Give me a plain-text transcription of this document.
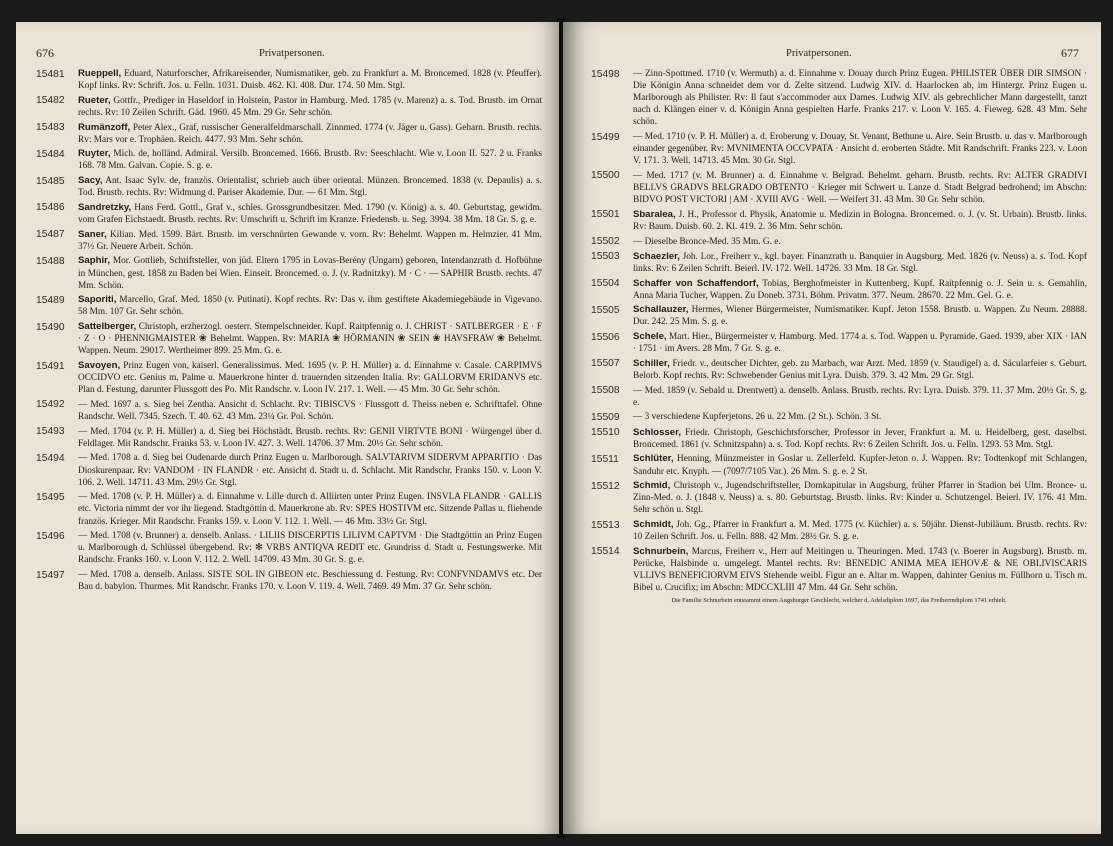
676	Privatpersonen.
15481	Rueppell, Eduard, Naturforscher, Afrikareisender, Numismatiker, geb. zu Frankfurt a. M. Broncemed. 1828 (v. Pfeuffer). Kopf links. Rv: Schrift. Jos. u. Felln. 1031. Duisb. 462. Kl. 408. Dur. 174. 50 Mm. Stgl.
15482	Rueter, Gottfr., Prediger in Haseldorf in Holstein, Pastor in Hamburg. Med. 1785 (v. Marenz) a. s. Tod. Brustb. im Ornat rechts. Rv: 10 Zeilen Schrift. Gäd. 1960. 45 Mm. 29 Gr. Sehr schön.
15483	Rumänzoff, Peter Alex., Graf, russischer Generalfeldmarschall. Zinnmed. 1774 (v. Jäger u. Gass). Geharn. Brustb. rechts. Rv: Mars vor e. Trophäen. Reich. 4477. 93 Mm. Sehr schön.
15484	Ruyter, Mich. de, holländ. Admiral. Versilb. Broncemed. 1666. Brustb. Rv: Seeschlacht. Wie v. Loon II. 527. 2 u. Franks 168. 78 Mm. Galvan. Copie. S. g. e.
15485	Sacy, Ant. Isaac Sylv. de, französ. Orientalist, schrieb auch über oriental. Münzen. Broncemed. 1838 (v. Depaulis) a. s. Tod. Brustb. rechts. Rv: Widmung d. Pariser Akademie. Dur. — 61 Mm. Stgl.
15486	Sandretzky, Hans Ferd. Gottl., Graf v., schles. Grossgrundbesitzer. Med. 1790 (v. König) a. s. 40. Geburtstag, gewidm. vom Grafen Eichstaedt. Brustb. rechts. Rv: Umschrift u. Schrift im Kranze. Friedensb. u. Seg. 3994. 38 Mm. 18 Gr. S. g. e.
15487	Saner, Kilian. Med. 1599. Bärt. Brustb. im verschnürten Gewande v. vorn. Rv: Behelmt. Wappen m. Helmzier. 41 Mm. 37½ Gr. Neuere Arbeit. Schön.
15488	Saphir, Mor. Gottlieb, Schriftsteller, von jüd. Eltern 1795 in Lovas-Berény (Ungarn) geboren, Intendanzrath d. Hofbühne in München, gest. 1858 zu Baden bei Wien. Einseit. Broncemed. o. J. (v. Radnitzky). M · C · — SAPHIR Brustb. rechts. 47 Mm. Schön.
15489	Saporiti, Marcello, Graf. Med. 1850 (v. Putinati). Kopf rechts. Rv: Das v. ihm gestiftete Akademiegebäude in Vigevano. 58 Mm. 107 Gr. Sehr schön.
15490	Sattelberger, Christoph, erzherzogl. oesterr. Stempelschneider. Kupf. Raitpfennig o. J. CHRIST · SATLBERGER · E · F · Z · O · PHENNIGMAISTER ❀ Behelmt. Wappen. Rv: MARIA ❀ HÖRMANIN ❀ SEIN ❀ HAVSFRAW ❀ Behelmt. Wappen. Neum. 29017. Wertheimer 899. 25 Mm. G. e.
15491	Savoyen, Prinz Eugen von, kaiserl. Generalissimus. Med. 1695 (v. P. H. Müller) a. d. Einnahme v. Casale. CARPIMVS OCCIDVO etc. Genius m. Palme u. Mauerkrone hinter d. trauernden sitzenden Italia. Rv: GALLORVM ERIDANVS etc. Plan d. Festung, darunter Flussgott des Po. Mit Randschr. v. Loon IV. 217. 1. Well. — 45 Mm. 30 Gr. Sehr schön.
15492	— Med. 1697 a. s. Sieg bei Zentha. Ansicht d. Schlacht. Rv: TIBISCVS · Flussgott d. Theiss neben e. Schrifttafel. Ohne Randschr. Well. 7345. Szech. T. 40. 62. 43 Mm. 23¼ Gr. Pol. Schön.
15493	— Med. 1704 (v. P. H. Müller) a. d. Sieg bei Höchstädt. Brustb. rechts. Rv: GENII VIRTVTE BONI · Würgengel über d. Feldlager. Mit Randschr. Franks 53. v. Loon IV. 427. 3. Well. 14706. 37 Mm. 20½ Gr. Sehr schön.
15494	— Med. 1708 a. d. Sieg bei Oudenarde durch Prinz Eugen u. Marlborough. SALVTARIVM SIDERVM APPARITIO · Das Dioskurenpaar. Rv: VANDOM · IN FLANDR · etc. Ansicht d. Stadt u. d. Schlacht. Mit Randschr. Franks 150. v. Loon V. 106. 2. Well. 14711. 43 Mm. 29½ Gr. Stgl.
15495	— Med. 1708 (v. P. H. Müller) a. d. Einnahme v. Lille durch d. Alliirten unter Prinz Eugen. INSVLA FLANDR · GALLIS etc. Victoria nimmt der vor ihr liegend. Stadtgöttin d. Mauerkrone ab. Rv: SPES HOSTIVM etc. Sitzende Pallas u. fliehende französ. Krieger. Mit Randschr. Franks 159. v. Loon V. 112. 1. Well. — 46 Mm. 33½ Gr. Stgl.
15496	— Med. 1708 (v. Brunner) a. denselb. Anlass. · LILIIS DISCERPTIS LILIVM CAPTVM · Die Stadtgöttin an Prinz Eugen u. Marlborough d. Schlüssel übergebend. Rv: ✻ VRBS ANTIQVA REDIT etc. Grundriss d. Stadt u. Festungswerke. Mit Randschr. Franks 160. v. Loon V. 112. 2. Well. 14709. 43 Mm. 30 Gr. S. g. e.
15497	— Med. 1708 a. denselb. Anlass. SISTE SOL IN GIBEON etc. Beschiessung d. Festung. Rv: CONFVNDAMVS etc. Der Bau d. babylon. Thurmes. Mit Randschr. Franks 170. v. Loon V. 119. 4. Well. 7469. 49 Mm. 37 Gr. Sehr schön.
Privatpersonen.	677
15498	— Zinn-Spottmed. 1710 (v. Wermuth) a. d. Einnahme v. Douay durch Prinz Eugen. PHILISTER ÜBER DIR SIMSON · Die Königin Anna schneidet dem vor d. Zelte sitzend. Ludwig XIV. d. Haarlocken ab, im Hintergr. Prinz Eugen u. Marlborough als Philister. Rv: Il faut s'accommoder aux Dames. Ludwig XIV. als gebrechlicher Mann dargestellt, tanzt nach d. Klängen einer v. d. Königin Anna gespielten Harfe. Franks 217. v. Loon V. 165. 4. Fieweg. 628. 43 Mm. Sehr schön.
15499	— Med. 1710 (v. P. H. Müller) a. d. Eroberung v. Douay, St. Venant, Bethune u. Aire. Sein Brustb. u. das v. Marlborough einander gegenüber. Rv: MVNIMENTA OCCVPATA · Ansicht d. eroberten Städte. Mit Randschrift. Franks 223. v. Loon V. 171. 3. Well. 14713. 45 Mm. 30 Gr. Stgl.
15500	— Med. 1717 (v. M. Brunner) a. d. Einnahme v. Belgrad. Behelmt. geharn. Brustb. rechts. Rv: ALTER GRADIVI BELLVS GRADVS BELGRADO OBTENTO · Krieger mit Schwert u. Lanze d. Stadt Belgrad bedrohend; im Abschn: BIDVO POST VICTORI | AM · XVIII AVG · Well. — Weifert 31. 43 Mm. 30 Gr. Sehr schön.
15501	Sbaralea, J. H., Professor d. Physik, Anatomie u. Medizin in Bologna. Broncemed. o. J. (v. St. Urbain). Brustb. links. Rv: Baum. Duisb. 60. 2. Kl. 419. 2. 36 Mm. Sehr schön.
15502	— Dieselbe Bronce-Med. 35 Mm. G. e.
15503	Schaezler, Joh. Lor., Freiherr v., kgl. bayer. Finanzrath u. Banquier in Augsburg. Med. 1826 (v. Neuss) a. s. Tod. Kopf links. Rv: 6 Zeilen Schrift. Beierl. IV. 172. Well. 14726. 33 Mm. 18 Gr. Stgl.
15504	Schaffer von Schaffendorf, Tobias, Berghofmeister in Kuttenberg. Kupf. Raitpfennig o. J. Sein u. s. Gemahlin, Anna Maria Tucher, Wappen. Zu Doneb. 3731. Böhm. Privatm. 377. Neum. 28670. 22 Mm. Gel. G. e.
15505	Schallauzer, Hermes, Wiener Bürgermeister, Numismatiker. Kupf. Jeton 1558. Brustb. u. Wappen. Zu Neum. 28888. Dur. 242. 25 Mm. S. g. e.
15506	Schele, Mart. Hier., Bürgermeister v. Hamburg. Med. 1774 a. s. Tod. Wappen u. Pyramide. Gaed. 1939, aber XIX · IAN · 1751 · im Avers. 28 Mm. 7 Gr. S. g. e.
15507	Schiller, Friedr. v., deutscher Dichter, geb. zu Marbach, war Arzt. Med. 1859 (v. Staudigel) a. d. Säcularfeier s. Geburt. Belorb. Kopf rechts. Rv: Schwebender Genius mit Lyra. Duisb. 379. 3. 42 Mm. 29 Gr. Stgl.
15508	— Med. 1859 (v. Sebald u. Drentwett) a. denselb. Anlass. Brustb. rechts. Rv: Lyra. Duisb. 379. 11. 37 Mm. 20½ Gr. S. g. e.
15509	— 3 verschiedene Kupferjetons. 26 u. 22 Mm. (2 St.). Schön. 3 St.
15510	Schlosser, Friedr. Christoph, Geschichtsforscher, Professor in Jever, Frankfurt a. M. u. Heidelberg, gest. daselbst. Broncemed. 1861 (v. Schnitzspahn) a. s. Tod. Kopf rechts. Rv: 6 Zeilen Schrift. Jos. u. Felln. 1293. 53 Mm. Stgl.
15511	Schlüter, Henning, Münzmeister in Goslar u. Zellerfeld. Kupfer-Jeton o. J. Wappen. Rv: Todtenkopf mit Schlangen, Sanduhr etc. Knyph. — (7097/7105 Var.). 26 Mm. S. g. e. 2 St.
15512	Schmid, Christoph v., Jugendschriftsteller, Domkapitular in Augsburg, früher Pfarrer in Stadion bei Ulm. Bronce- u. Zinn-Med. o. J. (1848 v. Neuss) a. s. 80. Geburtstag. Brustb. links. Rv: Kinder u. Schutzengel. Beierl. IV. 176. 41 Mm. Sehr schön u. Stgl.
15513	Schmidt, Joh. Gg., Pfarrer in Frankfurt a. M. Med. 1775 (v. Küchler) a. s. 50jähr. Dienst-Jubiläum. Brustb. rechts. Rv: 10 Zeilen Schrift. Jos. u. Felln. 888. 42 Mm. 28½ Gr. S. g. e.
15514	Schnurbein, Marcus, Freiherr v., Herr auf Meitingen u. Theuringen. Med. 1743 (v. Boerer in Augsburg). Brustb. m. Perücke, Halsbinde u. umgelegt. Mantel rechts. Rv: BENEDIC ANIMA MEA IEHOVÆ & NE OBLIVISCARIS VLLIVS BENEFICIORVM EIVS Stehende weibl. Figur an e. Altar m. Wappen, dahinter Genius m. Füllhorn u. Tisch m. Bibel u. Crucifix; im Abschn: MDCCXLIII 47 Mm. 44 Gr. Sehr schön.
Die Familie Schnurbein entstammt einem Augsburger Geschlecht, welcher d. Adelsdiplom 1697, das Freiherrndiplom 1741 erhielt.
